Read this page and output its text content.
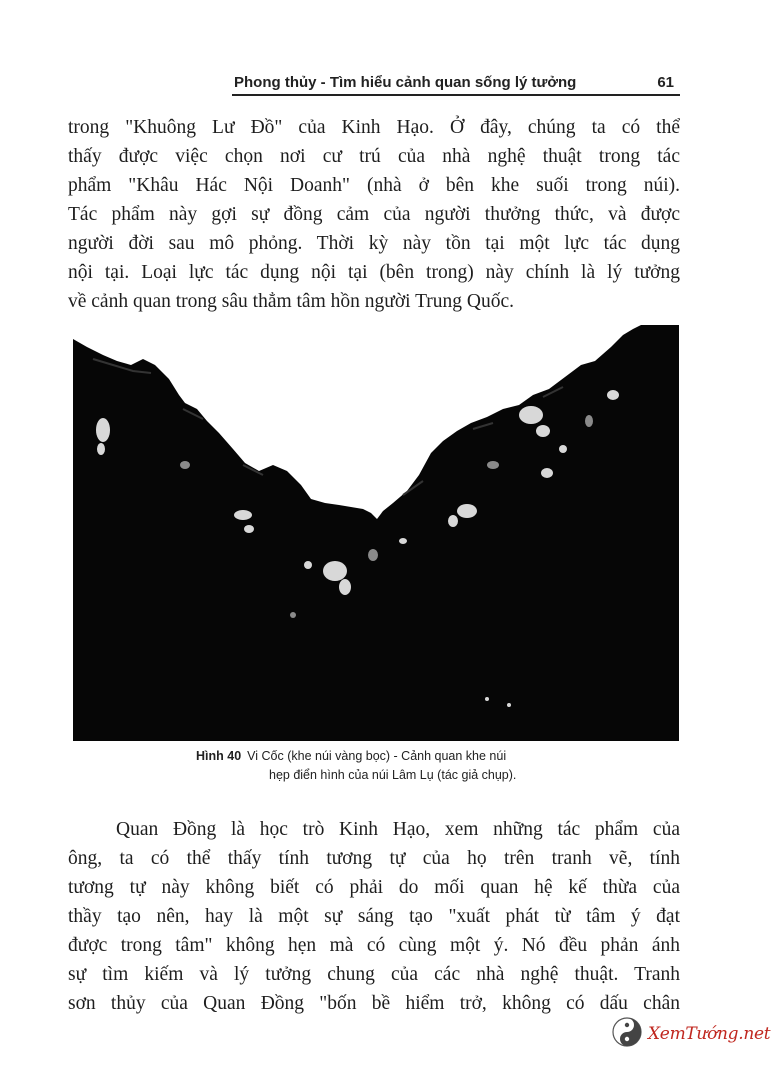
Phong thủy - Tìm hiểu cảnh quan sống lý tưởng	61
trong "Khuông Lư Đồ" của Kinh Hạo. Ở đây, chúng ta có thể
thấy được việc chọn nơi cư trú của nhà nghệ thuật trong tác
phẩm "Khâu Hác Nội Doanh" (nhà ở bên khe suối trong núi).
Tác phẩm này gợi sự đồng cảm của người thưởng thức, và được
người đời sau mô phỏng. Thời kỳ này tồn tại một lực tác dụng
nội tại. Loại lực tác dụng nội tại (bên trong) này chính là lý tưởng
về cảnh quan trong sâu thẳm tâm hồn người Trung Quốc.
Hình 40 Vi Cốc (khe núi vàng bọc) - Cảnh quan khe núi
hẹp điển hình của núi Lâm Lụ (tác giả chụp).
Quan Đồng là học trò Kinh Hạo, xem những tác phẩm của
ông, ta có thể thấy tính tương tự của họ trên tranh vẽ, tính
tương tự này không biết có phải do mối quan hệ kế thừa của
thầy tạo nên, hay là một sự sáng tạo "xuất phát từ tâm ý đạt
được trong tâm" không hẹn mà có cùng một ý. Nó đều phản ánh
sự tìm kiếm và lý tưởng chung của các nhà nghệ thuật. Tranh
sơn thủy của Quan Đồng "bốn bề hiểm trở, không có dấu chân
XemTướng.net
